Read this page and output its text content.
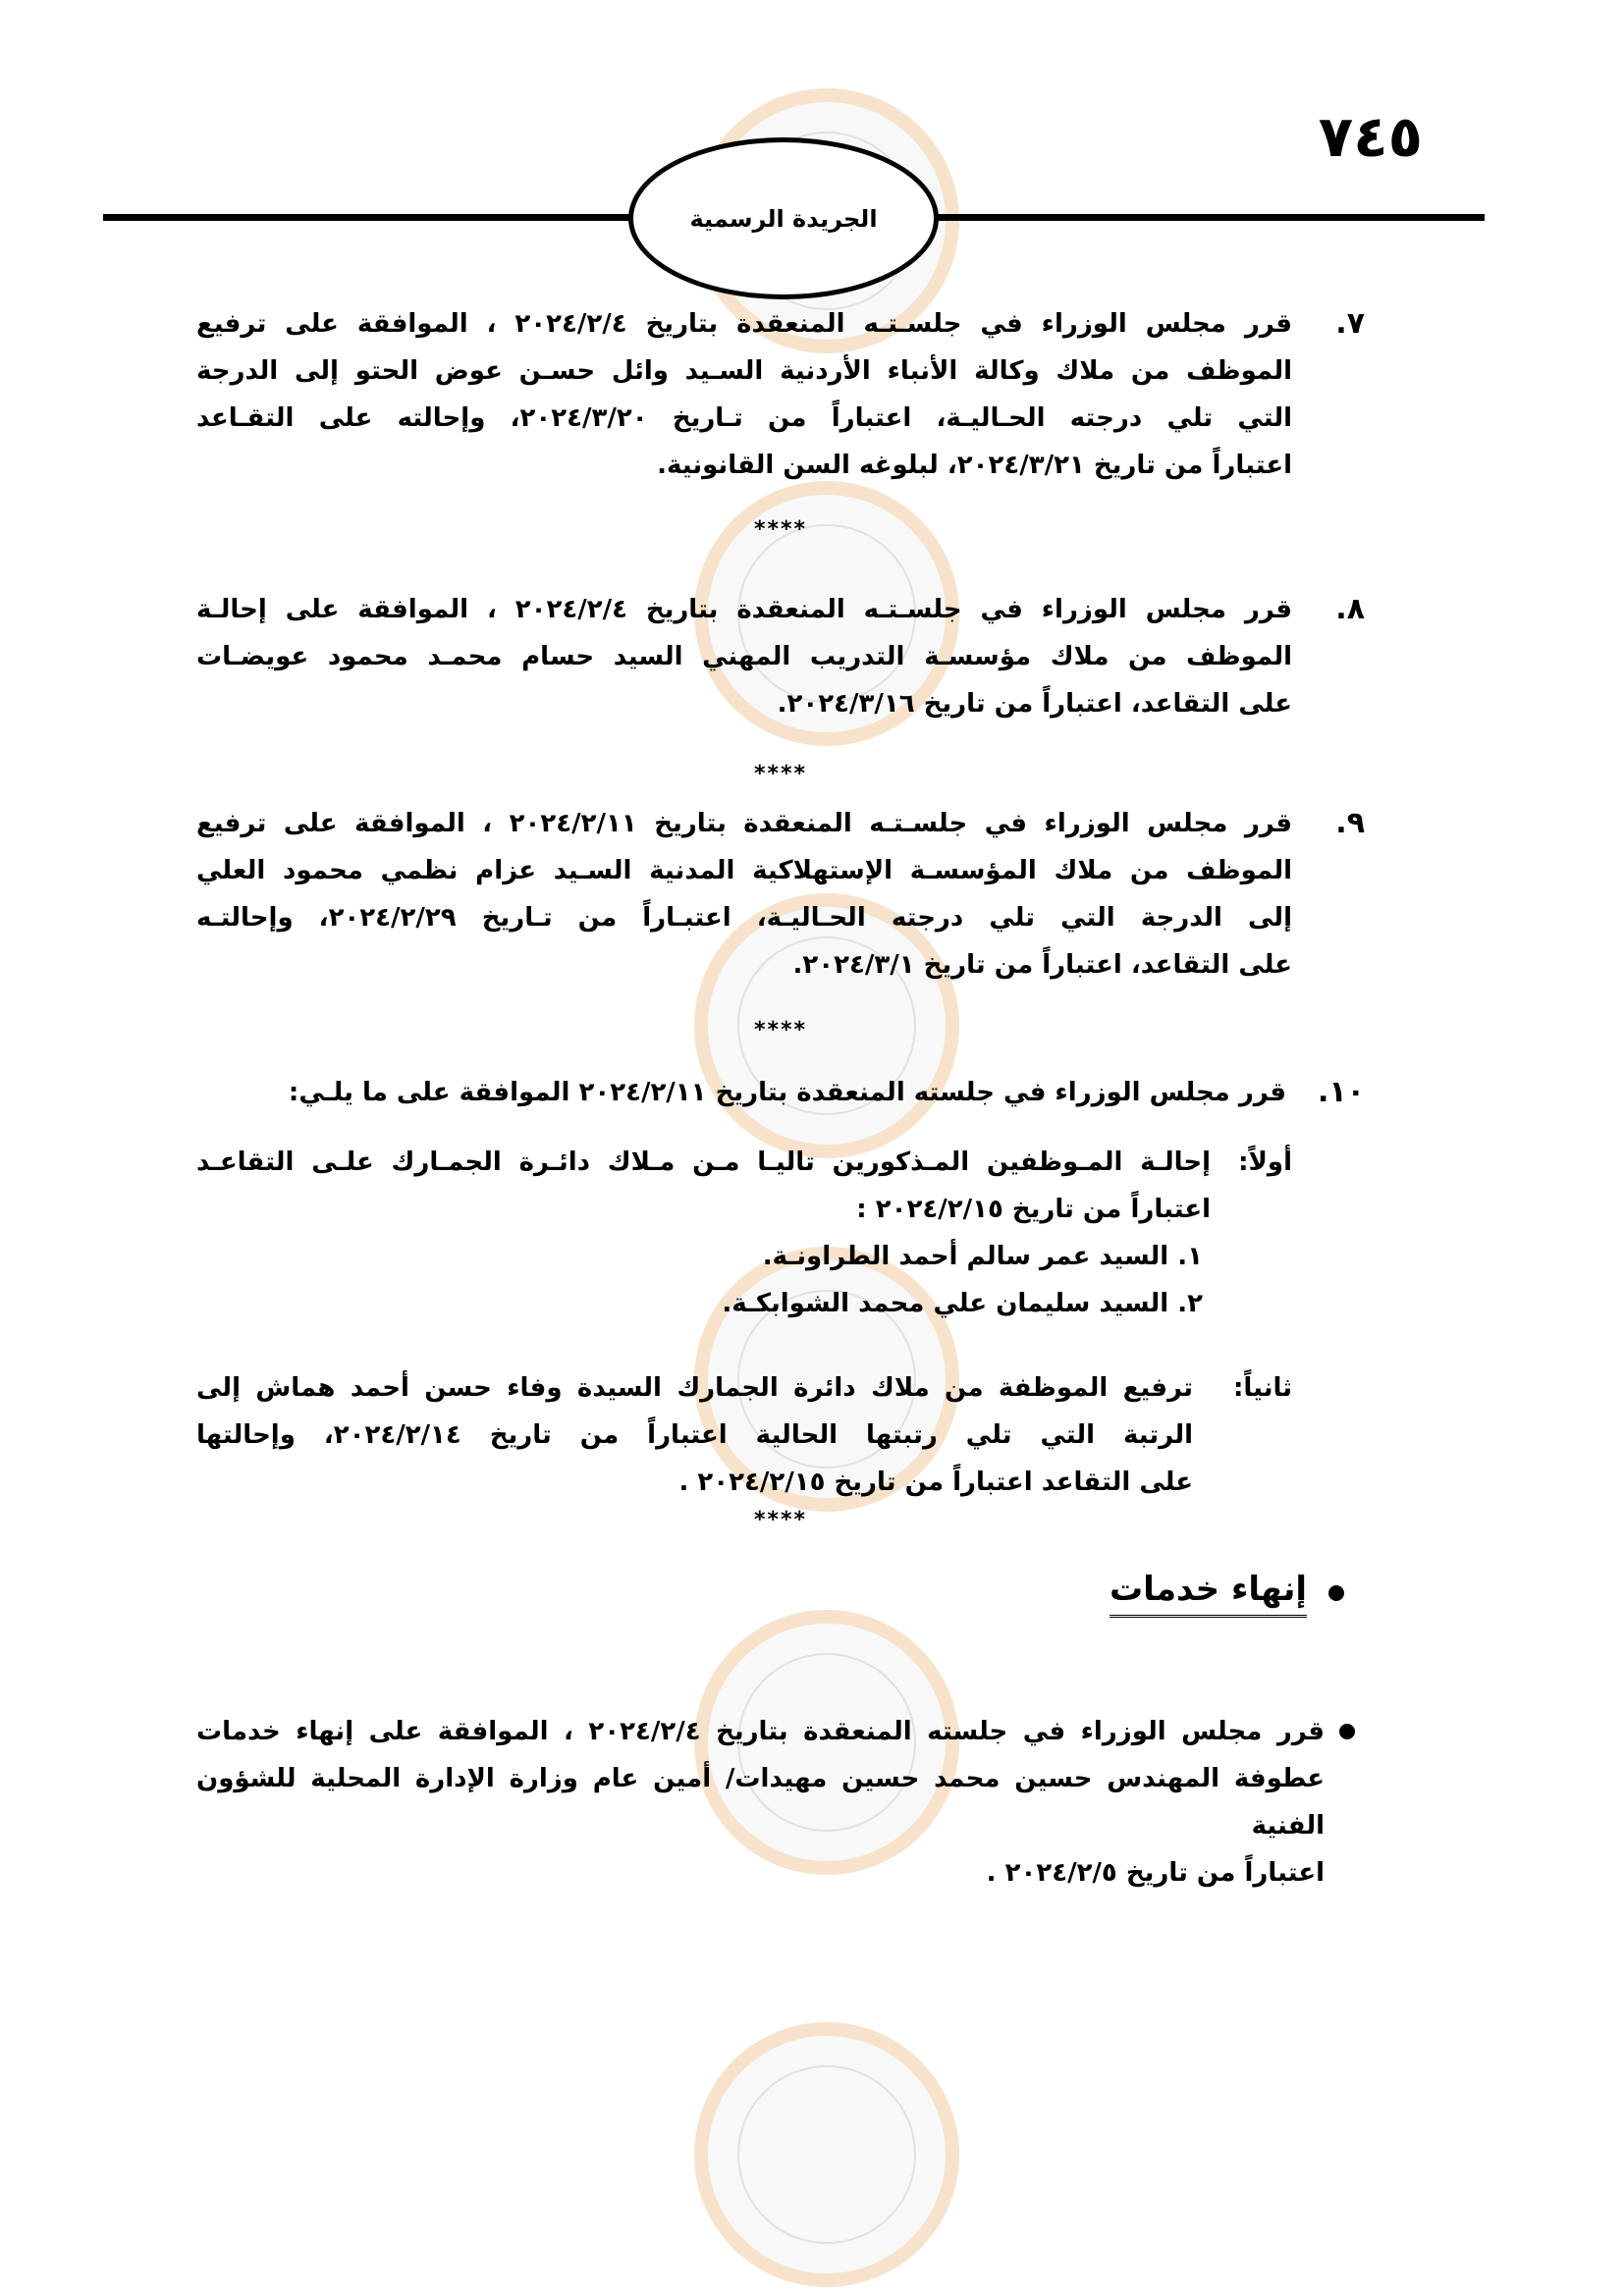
٧٤٥
الجريدة الرسمية
٧.
قرر مجلس الوزراء في جلسـتـه المنعقدة بتاريخ ٢٠٢٤/٢/٤ ، الموافقة على ترفيع
الموظف من ملاك وكالة الأنباء الأردنية السـيد وائل حسـن عوض الحتو إلى الدرجة
التي تلي درجته الحـاليـة، اعتباراً من تـاريخ ٢٠٢٤/٣/٢٠، وإحالته على التقـاعد
اعتباراً من تاريخ ٢٠٢٤/٣/٢١، لبلوغه السن القانونية.
****
٨.
قرر مجلس الوزراء في جلسـتـه المنعقدة بتاريخ ٢٠٢٤/٢/٤ ، الموافقة على إحالـة
الموظف من ملاك مؤسسـة التدريب المهني السيد حسام محمـد محمود عويضـات
على التقاعد، اعتباراً من تاريخ ٢٠٢٤/٣/١٦.
****
٩.
قرر مجلس الوزراء في جلسـتـه المنعقدة بتاريخ ٢٠٢٤/٢/١١ ، الموافقة على ترفيع
الموظف من ملاك المؤسسـة الإستهلاكية المدنية السـيد عزام نظمي محمود العلي
إلى الدرجة التي تلي درجته الحـاليـة، اعتبـاراً من تـاريخ ٢٠٢٤/٢/٢٩، وإحالتـه
على التقاعد، اعتباراً من تاريخ ٢٠٢٤/٣/١.
****
١٠.
قرر مجلس الوزراء في جلسته المنعقدة بتاريخ ٢٠٢٤/٢/١١ الموافقة على ما يلـي:
أولاً:
إحالـة المـوظفين المـذكورين تاليـا مـن مـلاك دائـرة الجمـارك علـى التقاعـد
اعتباراً من تاريخ ٢٠٢٤/٢/١٥ :
١. السيد عمر سالم أحمد الطراونـة.
٢. السيد سليمان علي محمد الشوابكـة.
ثانياً:
ترفيع الموظفة من ملاك دائرة الجمارك السيدة وفاء حسن أحمد هماش إلى
الرتبة التي تلي رتبتها الحالية اعتباراً من تاريخ ٢٠٢٤/٢/١٤، وإحالتها
على التقاعد اعتباراً من تاريخ ٢٠٢٤/٢/١٥ .
****
إنهاء خدمات
قرر مجلس الوزراء في جلسته المنعقدة بتاريخ ٢٠٢٤/٢/٤ ، الموافقة على إنهاء خدمات
عطوفة المهندس حسين محمد حسين مهيدات/ أمين عام وزارة الإدارة المحلية للشؤون الفنية
اعتباراً من تاريخ ٢٠٢٤/٢/٥ .
